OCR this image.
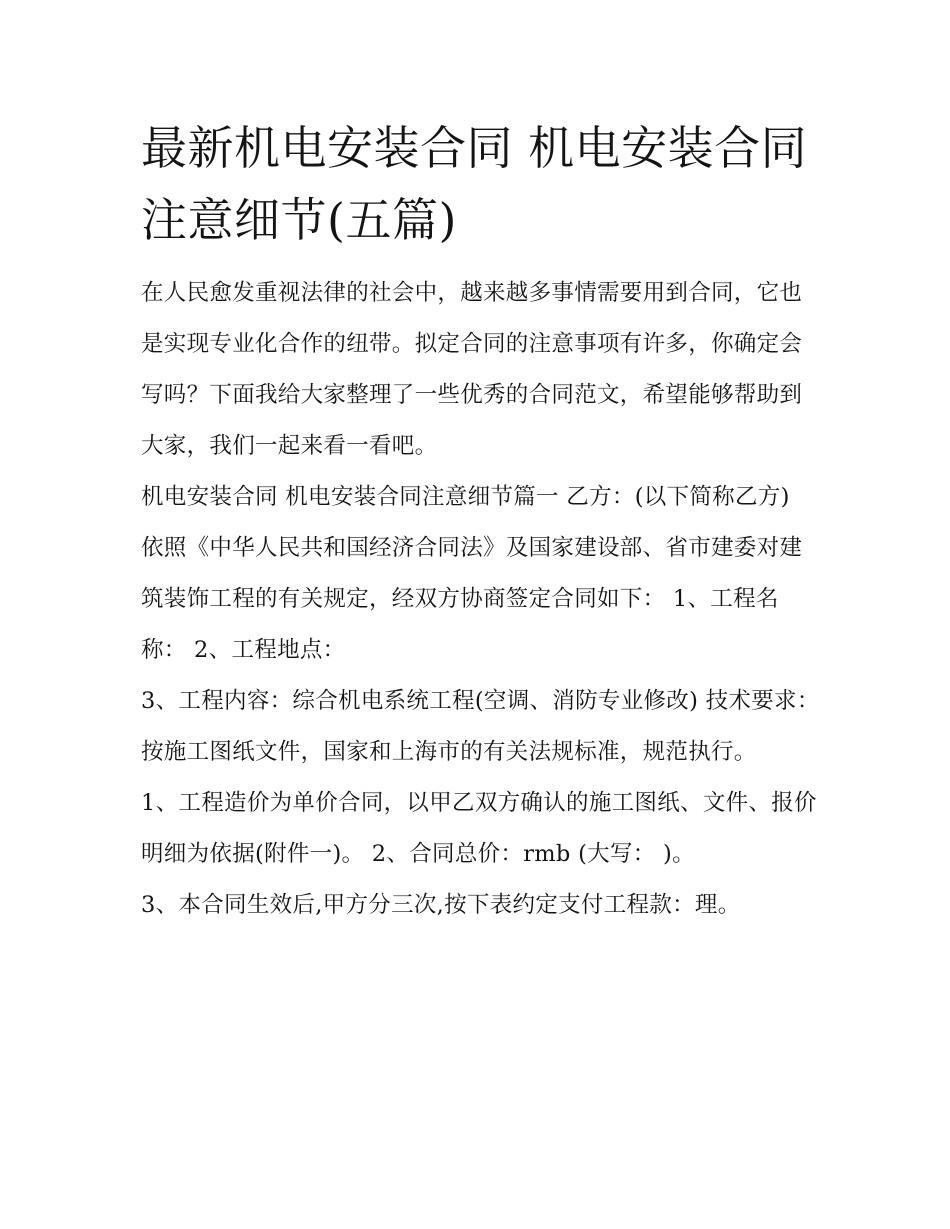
最新机电安装合同 机电安装合同注意细节(五篇)

在人民愈发重视法律的社会中，越来越多事情需要用到合同，它也是实现专业化合作的纽带。拟定合同的注意事项有许多，你确定会写吗？下面我给大家整理了一些优秀的合同范文，希望能够帮助到大家，我们一起来看一看吧。

机电安装合同 机电安装合同注意细节篇一 乙方：(以下简称乙方)

依照《中华人民共和国经济合同法》及国家建设部、省市建委对建筑装饰工程的有关规定，经双方协商签定合同如下： 1、工程名称： 2、工程地点：

3、工程内容：综合机电系统工程(空调、消防专业修改) 技术要求：按施工图纸文件，国家和上海市的有关法规标准，规范执行。

1、工程造价为单价合同，以甲乙双方确认的施工图纸、文件、报价明细为依据(附件一)。 2、合同总价：rmb (大写： )。

3、本合同生效后,甲方分三次,按下表约定支付工程款：理。
